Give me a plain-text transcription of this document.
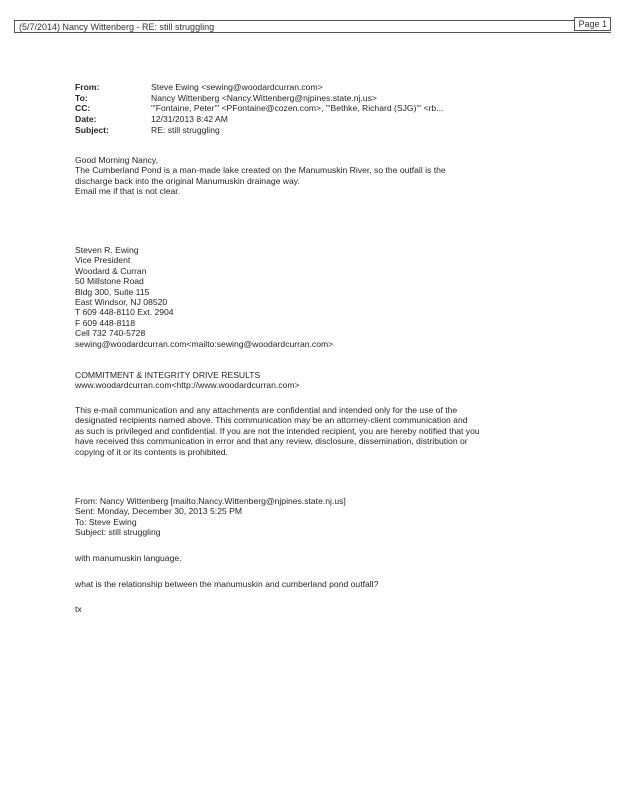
(5/7/2014) Nancy Wittenberg - RE: still struggling	Page 1
From:	Steve Ewing <sewing@woodardcurran.com>
To:	Nancy Wittenberg <Nancy.Wittenberg@njpines.state.nj.us>
CC:	"'Fontaine, Peter'" <PFontaine@cozen.com>, "'Bethke, Richard (SJG)'" <rb...
Date:	12/31/2013 8:42 AM
Subject:	RE: still struggling

Good Morning Nancy,

The Cumberland Pond is a man-made lake created on the Manumuskin River, so the outfall is the

discharge back into the original Manumuskin drainage way.

Email me if that is not clear.

Steven R. Ewing

Vice President

Woodard & Curran

50 Millstone Road

Bldg 300, Suite 115

East Windsor, NJ 08520

T 609 448-8110 Ext. 2904

F 609 448-8118

Cell 732 740-5728

sewing@woodardcurran.com<mailto:sewing@woodardcurran.com>

COMMITMENT & INTEGRITY DRIVE RESULTS

www.woodardcurran.com<http://www.woodardcurran.com>

This e-mail communication and any attachments are confidential and intended only for the use of the

designated recipients named above. This communication may be an attorney-client communication and

as such is privileged and confidential. If you are not the intended recipient, you are hereby notified that you

have received this communication in error and that any review, disclosure, dissemination, distribution or

copying of it or its contents is prohibited.

From: Nancy Wittenberg [mailto:Nancy.Wittenberg@njpines.state.nj.us]

Sent: Monday, December 30, 2013 5:25 PM

To: Steve Ewing

Subject: still struggling

with manumuskin language.
what is the relationship between the manumuskin and cumberland pond outfall?
tx
